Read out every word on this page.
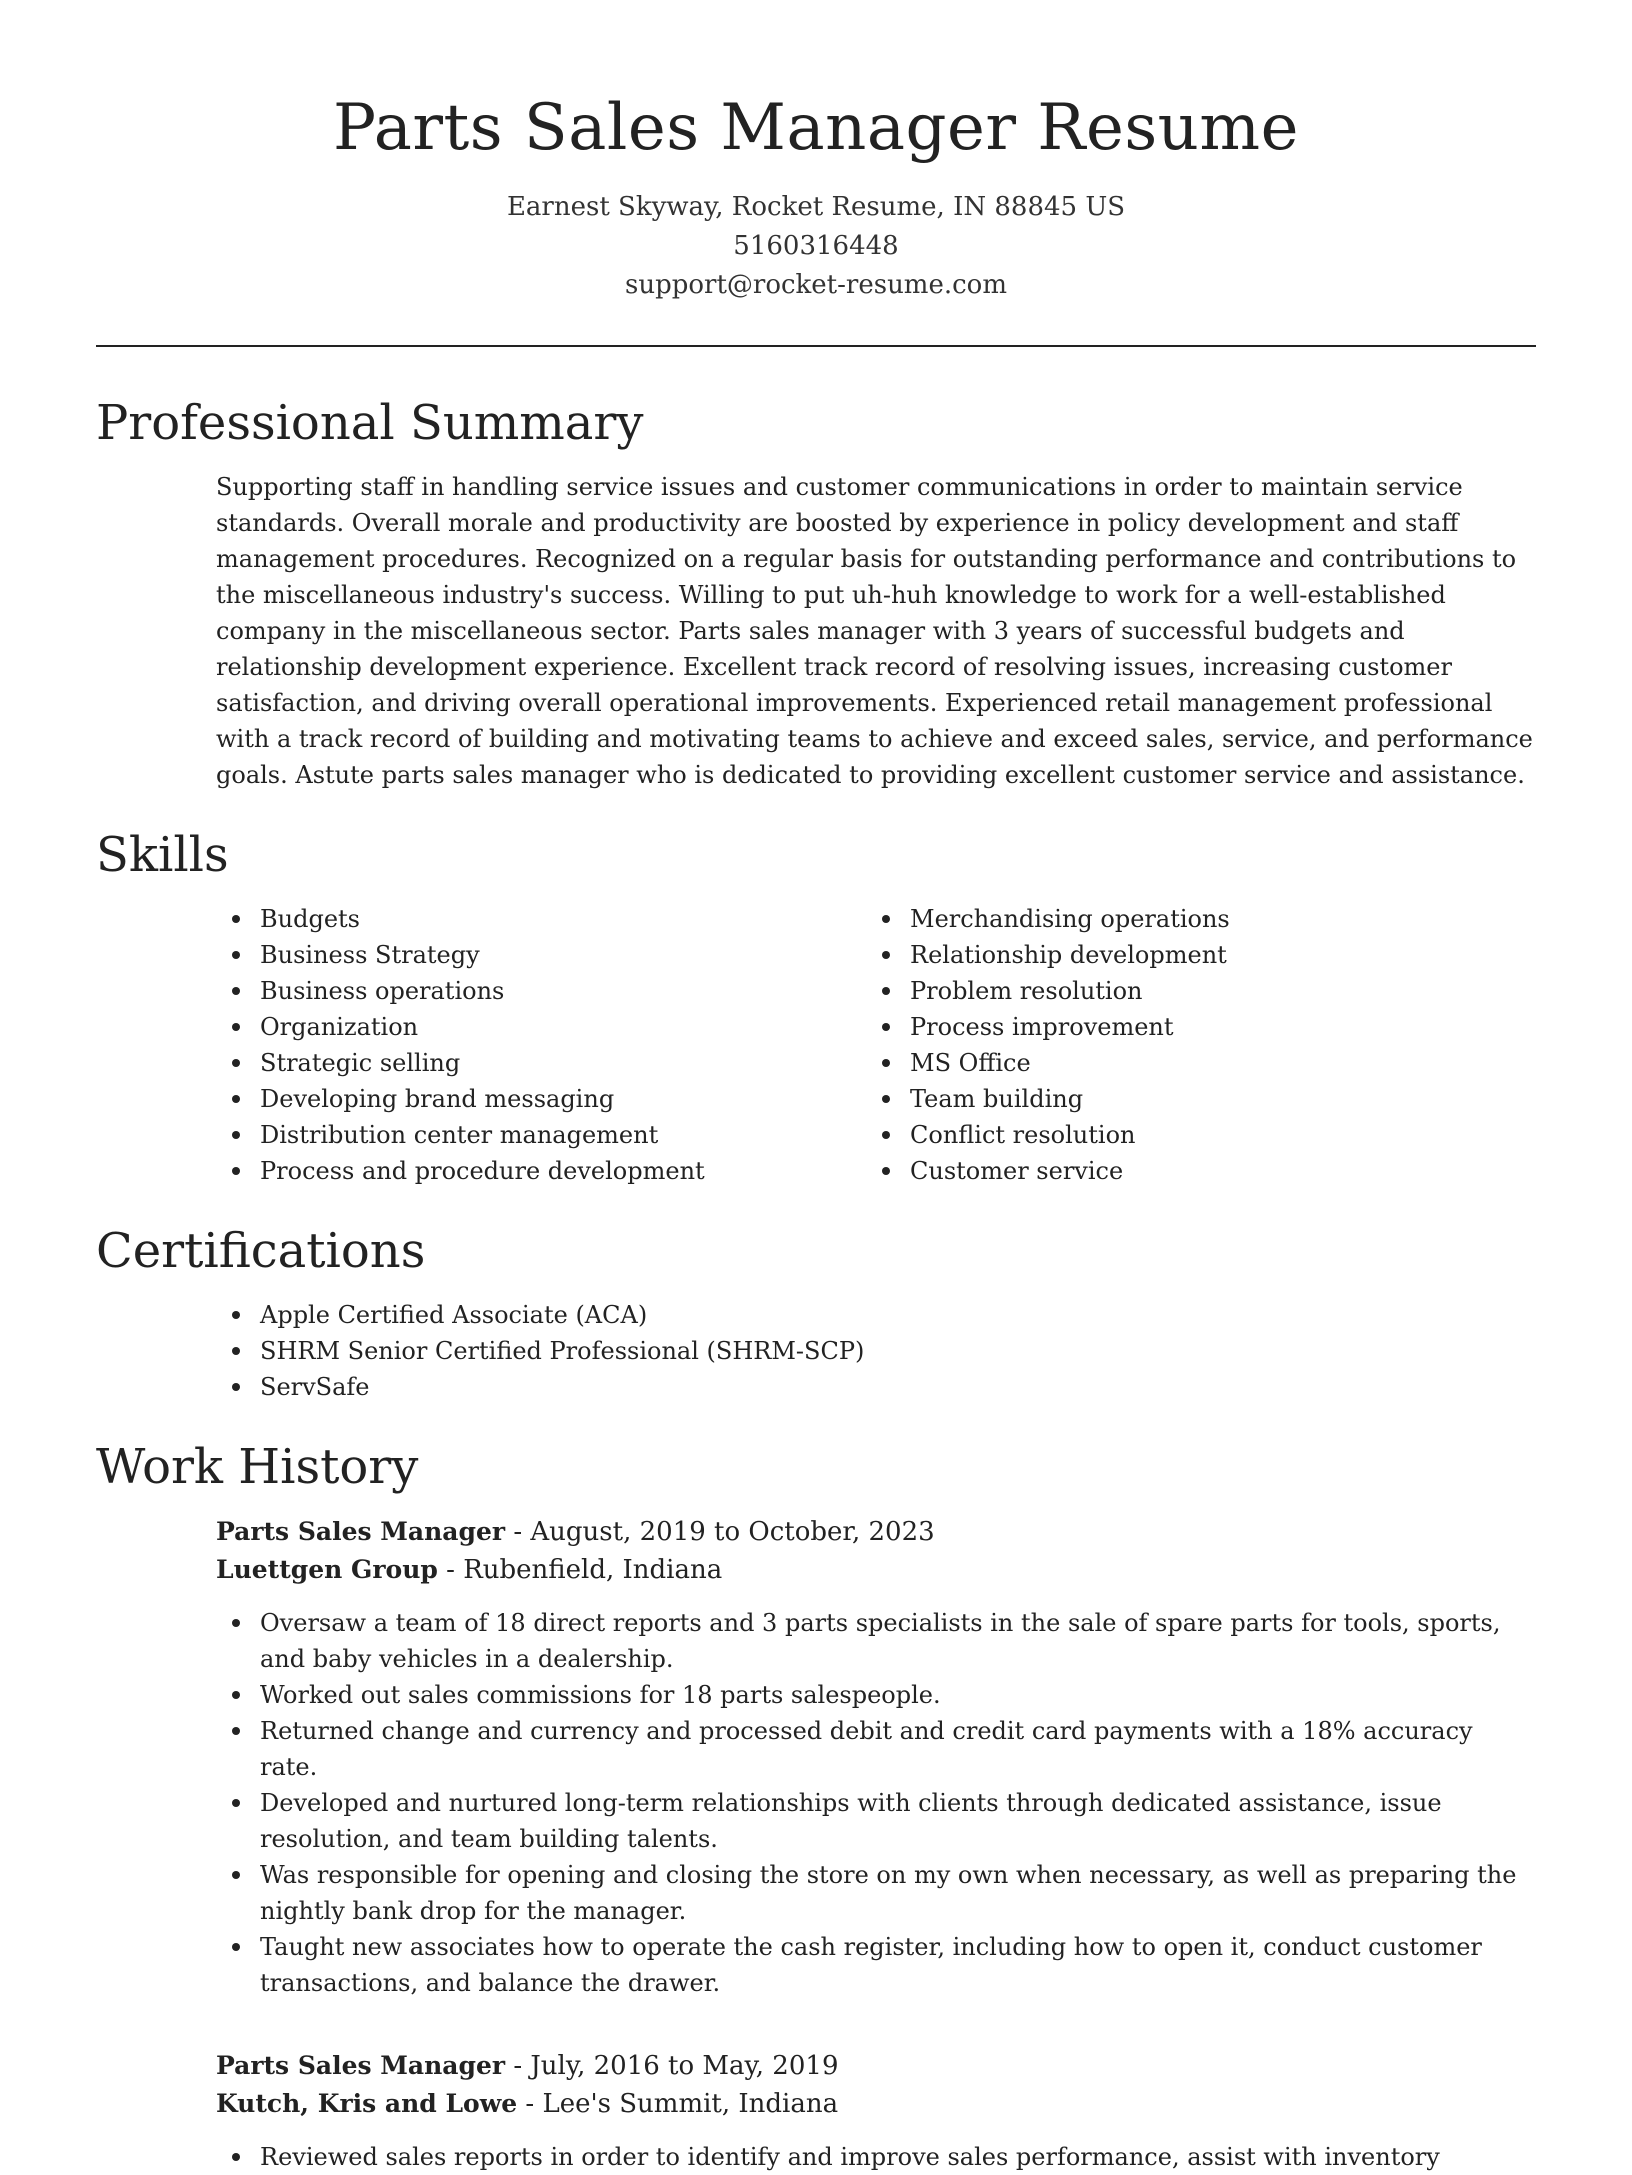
Parts Sales Manager Resume
Earnest Skyway, Rocket Resume, IN 88845 US
5160316448
support@rocket-resume.com
Professional Summary

Supporting staff in handling service issues and customer communications in order to maintain service standards. Overall morale and productivity are boosted by experience in policy development and staff management procedures. Recognized on a regular basis for outstanding performance and contributions to the miscellaneous industry's success. Willing to put uh-huh knowledge to work for a well-established company in the miscellaneous sector. Parts sales manager with 3 years of successful budgets and relationship development experience. Excellent track record of resolving issues, increasing customer satisfaction, and driving overall operational improvements. Experienced retail management professional with a track record of building and motivating teams to achieve and exceed sales, service, and performance goals. Astute parts sales manager who is dedicated to providing excellent customer service and assistance.

Skills
Budgets
Business Strategy
Business operations
Organization
Strategic selling
Developing brand messaging
Distribution center management
Process and procedure development
Merchandising operations
Relationship development
Problem resolution
Process improvement
MS Office
Team building
Conflict resolution
Customer service
Certifications
Apple Certified Associate (ACA)
SHRM Senior Certified Professional (SHRM-SCP)
ServSafe
Work History
Parts Sales Manager - August, 2019 to October, 2023
Luettgen Group - Rubenfield, Indiana
Oversaw a team of 18 direct reports and 3 parts specialists in the sale of spare parts for tools, sports, and baby vehicles in a dealership.
Worked out sales commissions for 18 parts salespeople.
Returned change and currency and processed debit and credit card payments with a 18% accuracy rate.
Developed and nurtured long-term relationships with clients through dedicated assistance, issue resolution, and team building talents.
Was responsible for opening and closing the store on my own when necessary, as well as preparing the nightly bank drop for the manager.
Taught new associates how to operate the cash register, including how to open it, conduct customer transactions, and balance the drawer.
Parts Sales Manager - July, 2016 to May, 2019
Kutch, Kris and Lowe - Lee's Summit, Indiana
Reviewed sales reports in order to identify and improve sales performance, assist with inventory
